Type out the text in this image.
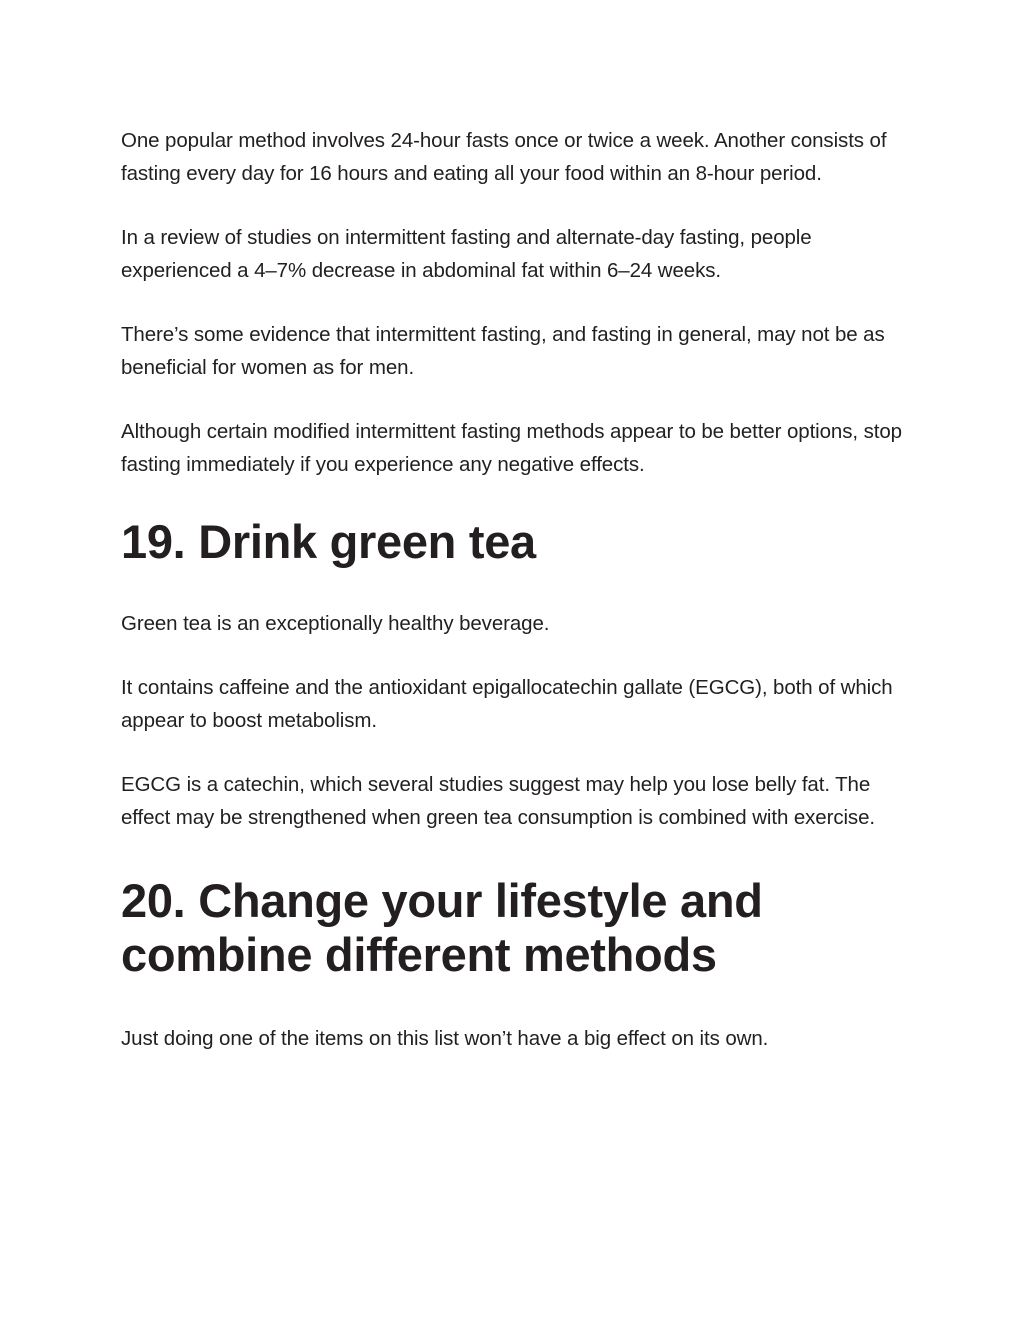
One popular method involves 24-hour fasts once or twice a week. Another consists of fasting every day for 16 hours and eating all your food within an 8-hour period.

In a review of studies on intermittent fasting and alternate-day fasting, people experienced a 4–7% decrease in abdominal fat within 6–24 weeks.

There’s some evidence that intermittent fasting, and fasting in general, may not be as beneficial for women as for men.

Although certain modified intermittent fasting methods appear to be better options, stop fasting immediately if you experience any negative effects.

19. Drink green tea

Green tea is an exceptionally healthy beverage.

It contains caffeine and the antioxidant epigallocatechin gallate (EGCG), both of which appear to boost metabolism.

EGCG is a catechin, which several studies suggest may help you lose belly fat. The effect may be strengthened when green tea consumption is combined with exercise.

20. Change your lifestyle and
combine different methods

Just doing one of the items on this list won’t have a big effect on its own.
